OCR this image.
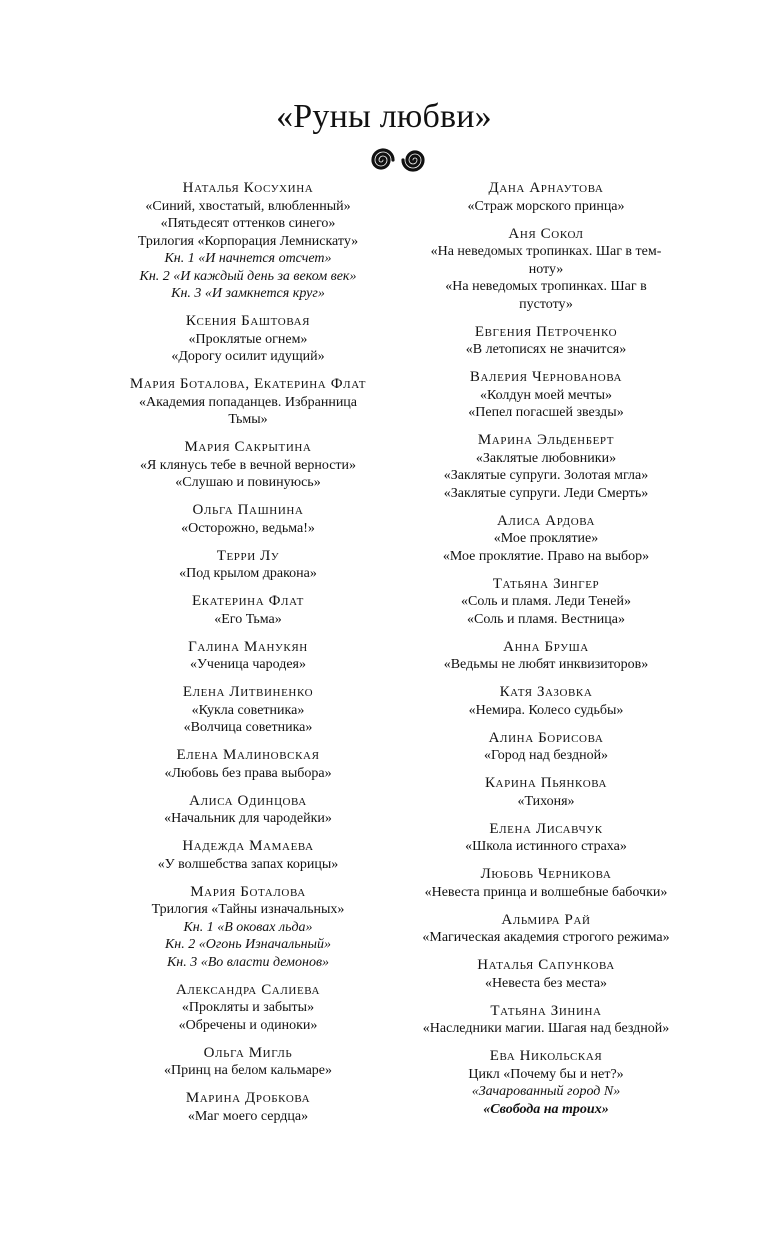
«Руны любви»
Наталья Косухина
«Синий, хвостатый, влюбленный»
«Пятьдесят оттенков синего»
Трилогия «Корпорация Лемнискату»
Кн. 1 «И начнется отсчет»
Кн. 2 «И каждый день за веком век»
Кн. 3 «И замкнется круг»
Ксения Баштовая
«Проклятые огнем»
«Дорогу осилит идущий»
Мария Боталова, Екатерина Флат
«Академия попаданцев. Избранница
Тьмы»
Мария Сакрытина
«Я клянусь тебе в вечной верности»
«Слушаю и повинуюсь»
Ольга Пашнина
«Осторожно, ведьма!»
Терри Лу
«Под крылом дракона»
Екатерина Флат
«Его Тьма»
Галина Манукян
«Ученица чародея»
Елена Литвиненко
«Кукла советника»
«Волчица советника»
Елена Малиновская
«Любовь без права выбора»
Алиса Одинцова
«Начальник для чародейки»
Надежда Мамаева
«У волшебства запах корицы»
Мария Боталова
Трилогия «Тайны изначальных»
Кн. 1 «В оковах льда»
Кн. 2 «Огонь Изначальный»
Кн. 3 «Во власти демонов»
Александра Салиева
«Прокляты и забыты»
«Обречены и одиноки»
Ольга Мигль
«Принц на белом кальмаре»
Марина Дробкова
«Маг моего сердца»
Дана Арнаутова
«Страж морского принца»
Аня Сокол
«На неведомых тропинках. Шаг в тем-
ноту»
«На неведомых тропинках. Шаг в
пустоту»
Евгения Петроченко
«В летописях не значится»
Валерия Чернованова
«Колдун моей мечты»
«Пепел погасшей звезды»
Марина Эльденберт
«Заклятые любовники»
«Заклятые супруги. Золотая мгла»
«Заклятые супруги. Леди Смерть»
Алиса Ардова
«Мое проклятие»
«Мое проклятие. Право на выбор»
Татьяна Зингер
«Соль и пламя. Леди Теней»
«Соль и пламя. Вестница»
Анна Бруша
«Ведьмы не любят инквизиторов»
Катя Зазовка
«Немира. Колесо судьбы»
Алина Борисова
«Город над бездной»
Карина Пьянкова
«Тихоня»
Елена Лисавчук
«Школа истинного страха»
Любовь Черникова
«Невеста принца и волшебные бабочки»
Альмира Рай
«Магическая академия строгого режима»
Наталья Сапункова
«Невеста без места»
Татьяна Зинина
«Наследники магии. Шагая над бездной»
Ева Никольская
Цикл «Почему бы и нет?»
«Зачарованный город N»
«Свобода на троих»
